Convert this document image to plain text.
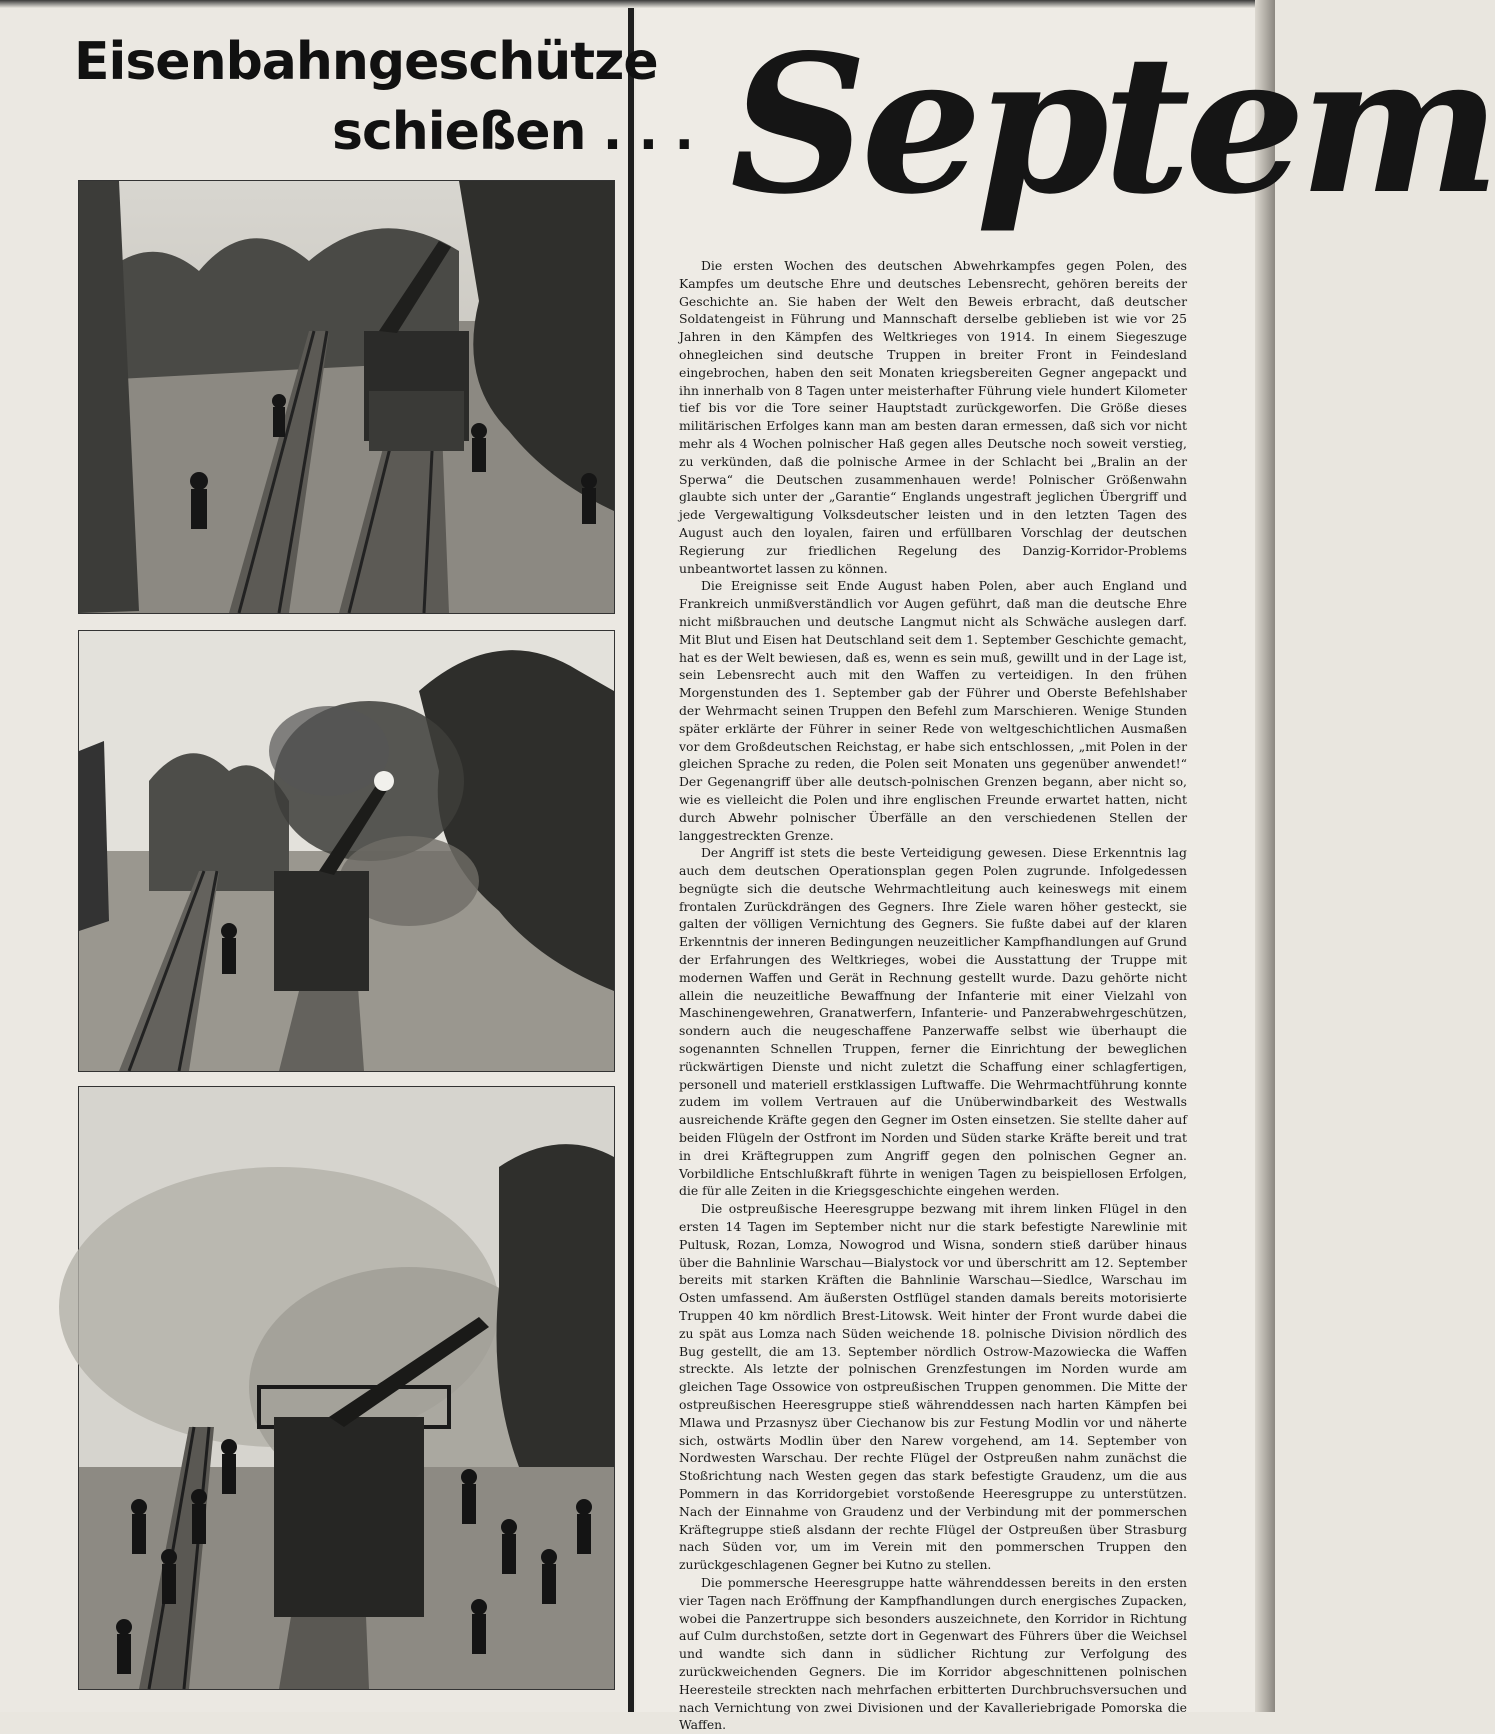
Eisenbahngeschütze
schießen . . . Septem

Die ersten Wochen des deutschen Abwehrkampfes gegen Polen, des Kampfes um deutsche Ehre und deutsches Lebensrecht, gehören bereits der Geschichte an. Sie haben der Welt den Beweis erbracht, daß deutscher Soldatengeist in Führung und Mannschaft derselbe geblieben ist wie vor 25 Jahren in den Kämpfen des Weltkrieges von 1914. In einem Siegeszuge ohnegleichen sind deutsche Truppen in breiter Front in Feindesland eingebrochen, haben den seit Monaten kriegsbereiten Gegner angepackt und ihn innerhalb von 8 Tagen unter meisterhafter Führung viele hundert Kilometer tief bis vor die Tore seiner Hauptstadt zurückgeworfen. Die Größe dieses militärischen Erfolges kann man am besten daran ermessen, daß sich vor nicht mehr als 4 Wochen polnischer Haß gegen alles Deutsche noch soweit verstieg, zu verkünden, daß die polnische Armee in der Schlacht bei „Bralin an der Sperwa“ die Deutschen zusammenhauen werde! Polnischer Größenwahn glaubte sich unter der „Garantie“ Englands ungestraft jeglichen Übergriff und jede Vergewaltigung Volksdeutscher leisten und in den letzten Tagen des August auch den loyalen, fairen und erfüllbaren Vorschlag der deutschen Regierung zur friedlichen Regelung des Danzig-Korridor-Problems unbeantwortet lassen zu können.

Die Ereignisse seit Ende August haben Polen, aber auch England und Frankreich unmißverständlich vor Augen geführt, daß man die deutsche Ehre nicht mißbrauchen und deutsche Langmut nicht als Schwäche auslegen darf. Mit Blut und Eisen hat Deutschland seit dem 1. September Geschichte gemacht, hat es der Welt bewiesen, daß es, wenn es sein muß, gewillt und in der Lage ist, sein Lebensrecht auch mit den Waffen zu verteidigen. In den frühen Morgenstunden des 1. September gab der Führer und Oberste Befehlshaber der Wehrmacht seinen Truppen den Befehl zum Marschieren. Wenige Stunden später erklärte der Führer in seiner Rede von weltgeschichtlichen Ausmaßen vor dem Großdeutschen Reichstag, er habe sich entschlossen, „mit Polen in der gleichen Sprache zu reden, die Polen seit Monaten uns gegenüber anwendet!“ Der Gegenangriff über alle deutsch-polnischen Grenzen begann, aber nicht so, wie es vielleicht die Polen und ihre englischen Freunde erwartet hatten, nicht durch Abwehr polnischer Überfälle an den verschiedenen Stellen der langgestreckten Grenze.

Der Angriff ist stets die beste Verteidigung gewesen. Diese Erkenntnis lag auch dem deutschen Operationsplan gegen Polen zugrunde. Infolgedessen begnügte sich die deutsche Wehrmachtleitung auch keineswegs mit einem frontalen Zurückdrängen des Gegners. Ihre Ziele waren höher gesteckt, sie galten der völligen Vernichtung des Gegners. Sie fußte dabei auf der klaren Erkenntnis der inneren Bedingungen neuzeitlicher Kampfhandlungen auf Grund der Erfahrungen des Weltkrieges, wobei die Ausstattung der Truppe mit modernen Waffen und Gerät in Rechnung gestellt wurde. Dazu gehörte nicht allein die neuzeitliche Bewaffnung der Infanterie mit einer Vielzahl von Maschinengewehren, Granatwerfern, Infanterie- und Panzerabwehrgeschützen, sondern auch die neugeschaffene Panzerwaffe selbst wie überhaupt die sogenannten Schnellen Truppen, ferner die Einrichtung der beweglichen rückwärtigen Dienste und nicht zuletzt die Schaffung einer schlagfertigen, personell und materiell erstklassigen Luftwaffe. Die Wehrmachtführung konnte zudem im vollem Vertrauen auf die Unüberwindbarkeit des Westwalls ausreichende Kräfte gegen den Gegner im Osten einsetzen. Sie stellte daher auf beiden Flügeln der Ostfront im Norden und Süden starke Kräfte bereit und trat in drei Kräftegruppen zum Angriff gegen den polnischen Gegner an. Vorbildliche Entschlußkraft führte in wenigen Tagen zu beispiellosen Erfolgen, die für alle Zeiten in die Kriegsgeschichte eingehen werden.

Die ostpreußische Heeresgruppe bezwang mit ihrem linken Flügel in den ersten 14 Tagen im September nicht nur die stark befestigte Narewlinie mit Pultusk, Rozan, Lomza, Nowogrod und Wisna, sondern stieß darüber hinaus über die Bahnlinie Warschau—Bialystock vor und überschritt am 12. September bereits mit starken Kräften die Bahnlinie Warschau—Siedlce, Warschau im Osten umfassend. Am äußersten Ostflügel standen damals bereits motorisierte Truppen 40 km nördlich Brest-Litowsk. Weit hinter der Front wurde dabei die zu spät aus Lomza nach Süden weichende 18. polnische Division nördlich des Bug gestellt, die am 13. September nördlich Ostrow-Mazowiecka die Waffen streckte. Als letzte der polnischen Grenzfestungen im Norden wurde am gleichen Tage Ossowice von ostpreußischen Truppen genommen. Die Mitte der ostpreußischen Heeresgruppe stieß währenddessen nach harten Kämpfen bei Mlawa und Przasnysz über Ciechanow bis zur Festung Modlin vor und näherte sich, ostwärts Modlin über den Narew vorgehend, am 14. September von Nordwesten Warschau. Der rechte Flügel der Ostpreußen nahm zunächst die Stoßrichtung nach Westen gegen das stark befestigte Graudenz, um die aus Pommern in das Korridorgebiet vorstoßende Heeresgruppe zu unterstützen. Nach der Einnahme von Graudenz und der Verbindung mit der pommerschen Kräftegruppe stieß alsdann der rechte Flügel der Ostpreußen über Strasburg nach Süden vor, um im Verein mit den pommerschen Truppen den zurückgeschlagenen Gegner bei Kutno zu stellen.

Die pommersche Heeresgruppe hatte währenddessen bereits in den ersten vier Tagen nach Eröffnung der Kampfhandlungen durch energisches Zupacken, wobei die Panzertruppe sich besonders auszeichnete, den Korridor in Richtung auf Culm durchstoßen, setzte dort in Gegenwart des Führers über die Weichsel und wandte sich dann in südlicher Richtung zur Verfolgung des zurückweichenden Gegners. Die im Korridor abgeschnittenen polnischen Heeresteile streckten nach mehrfachen erbitterten Durchbruchsversuchen und nach Vernichtung von zwei Divisionen und der Kavalleriebrigade Pomorska die Waffen.
